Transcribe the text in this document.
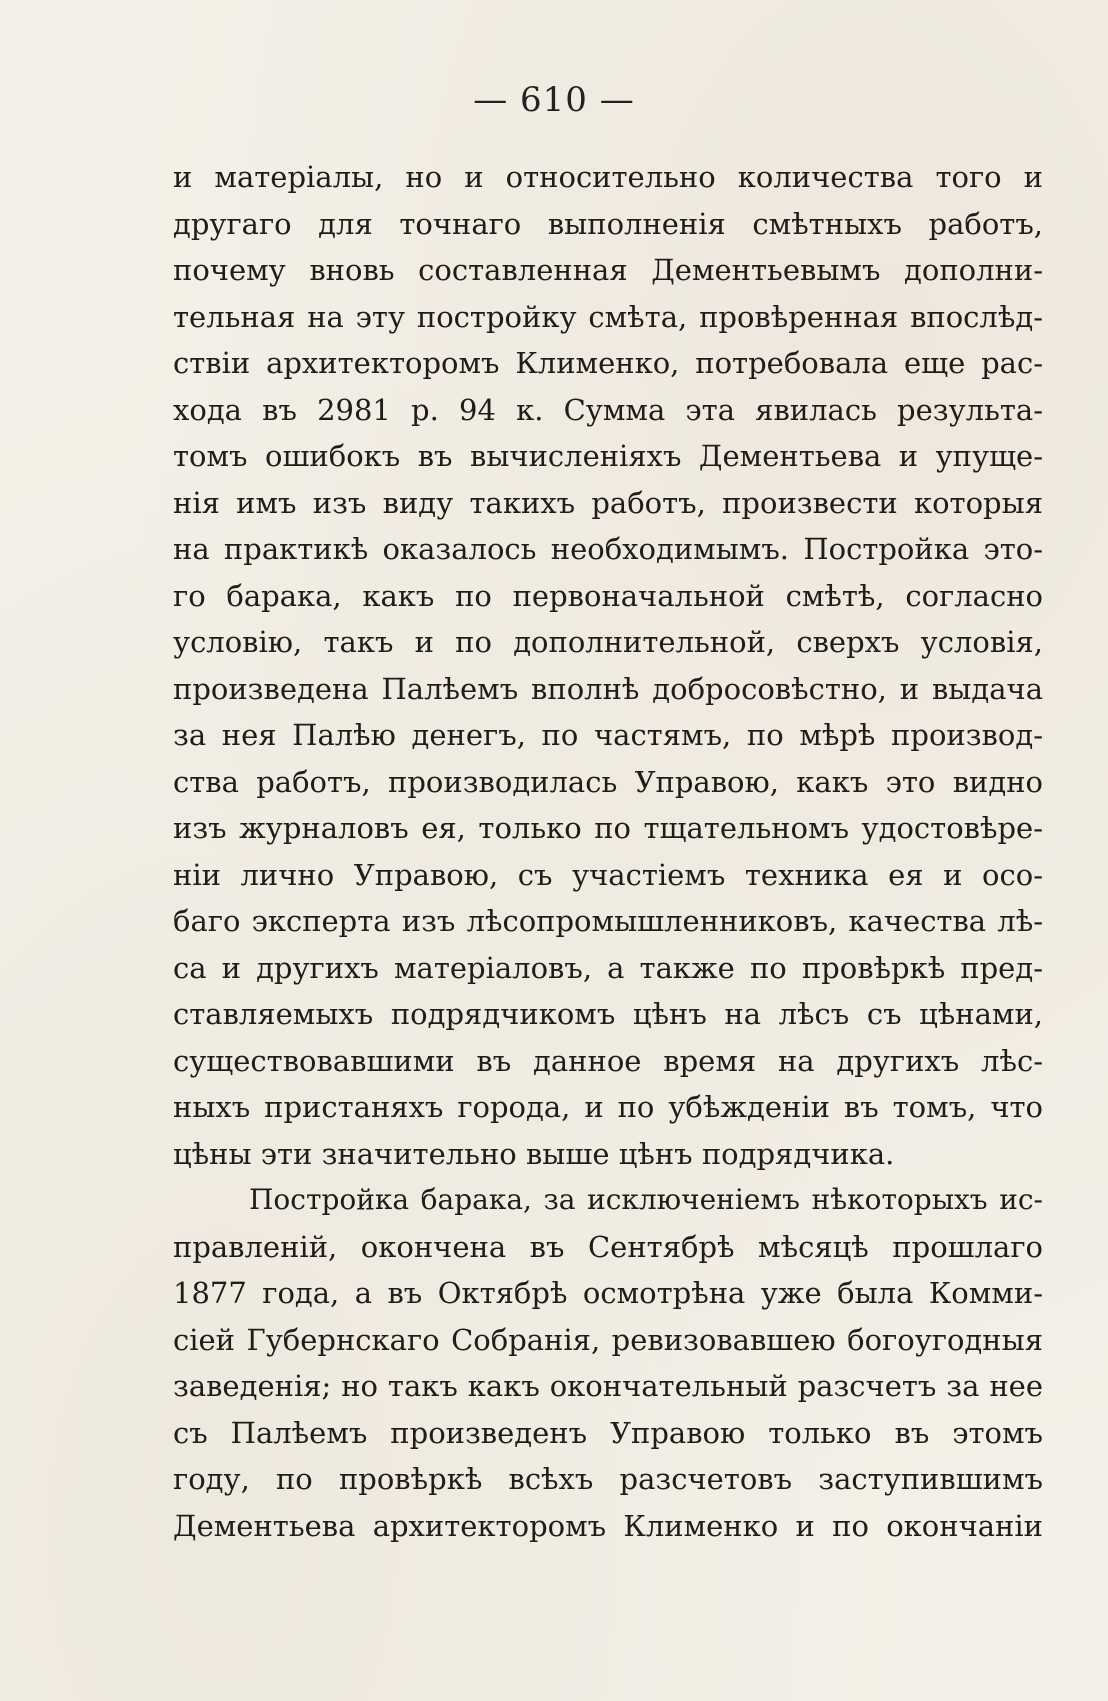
— 610 —
и матеріалы, но и относительно количества того и
другаго для точнаго выполненія смѣтныхъ работъ,
почему вновь составленная Дементьевымъ дополни-
тельная на эту постройку смѣта, провѣренная впослѣд-
ствіи архитекторомъ Клименко, потребовала еще рас-
хода въ 2981 р. 94 к. Сумма эта явилась результа-
томъ ошибокъ въ вычисленіяхъ Дементьева и упуще-
нія имъ изъ виду такихъ работъ, произвести которыя
на практикѣ оказалось необходимымъ. Постройка это-
го барака, какъ по первоначальной смѣтѣ, согласно
условію, такъ и по дополнительной, сверхъ условія,
произведена Палѣемъ вполнѣ добросовѣстно, и выдача
за нея Палѣю денегъ, по частямъ, по мѣрѣ производ-
ства работъ, производилась Управою, какъ это видно
изъ журналовъ ея, только по тщательномъ удостовѣре-
ніи лично Управою, съ участіемъ техника ея и осо-
баго эксперта изъ лѣсопромышленниковъ, качества лѣ-
са и другихъ матеріаловъ, а также по провѣркѣ пред-
ставляемыхъ подрядчикомъ цѣнъ на лѣсъ съ цѣнами,
существовавшими въ данное время на другихъ лѣс-
ныхъ пристаняхъ города, и по убѣжденіи въ томъ, что
цѣны эти значительно выше цѣнъ подрядчика.
Постройка барака, за исключеніемъ нѣкоторыхъ ис-
правленій, окончена въ Сентябрѣ мѣсяцѣ прошлаго
1877 года, а въ Октябрѣ осмотрѣна уже была Комми-
сіей Губернскаго Собранія, ревизовавшею богоугодныя
заведенія; но такъ какъ окончательный разсчетъ за нее
съ Палѣемъ произведенъ Управою только въ этомъ
году, по провѣркѣ всѣхъ разсчетовъ заступившимъ
Дементьева архитекторомъ Клименко и по окончаніи
